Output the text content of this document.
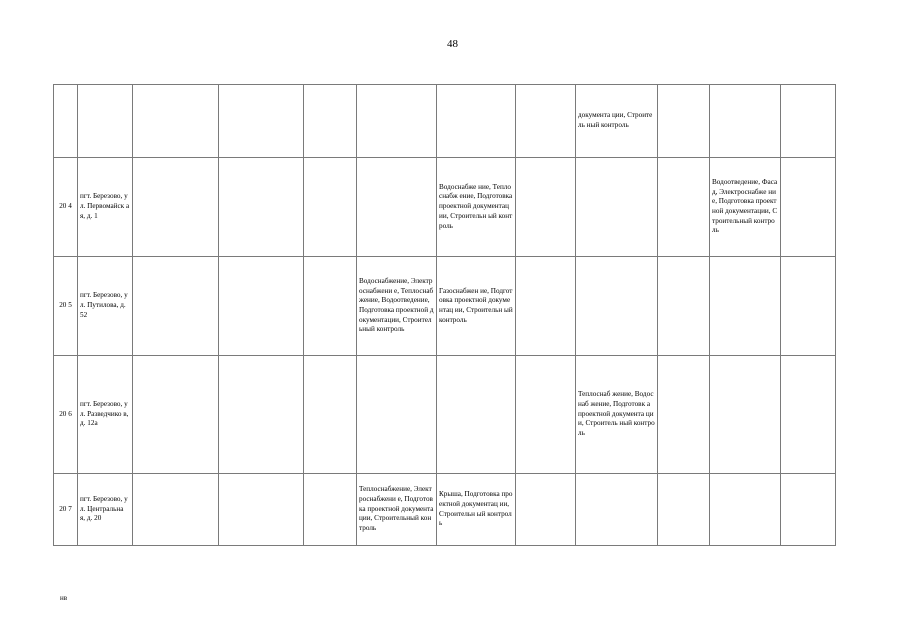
48
								документа ции, Строитель ный контроль			
20 4	пгт. Березово, ул. Первомайск ая, д. 1					Водоснабже ние, Теплоснабж ение, Подготовка проектной документац ии, Строительн ый контроль				Водоотведение, Фасад, Электроснабже ние, Подготовка проектной документации, Строительный контроль	
20 5	пгт. Березово, ул. Путилова, д. 52				Водоснабжение, Электроснабжени е, Теплоснабжение, Водоотведение, Подготовка проектной документации, Строительный контроль	Газоснабжен ие, Подготовка проектной документац ии, Строительн ый контроль					
20 6	пгт. Березово, ул. Разведчико в, д. 12а							Теплоснаб жение, Водоснаб жение, Подготовк а проектной документа ции, Строитель ный контроль			
20 7	пгт. Березово, ул. Центральна я, д. 20				Теплоснабжение, Электроснабжени е, Подготовка проектной документации, Строительный контроль	Крыша, Подготовка проектной документац ии, Строительн ый контроль					
нв
